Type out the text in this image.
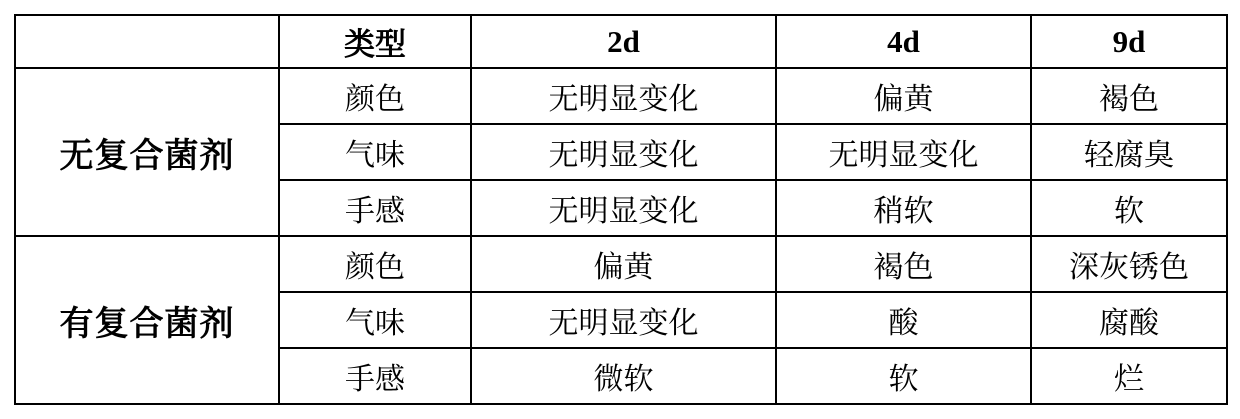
	类型	2d	4d	9d
无复合菌剂	颜色	无明显变化	偏黄	褐色
	气味	无明显变化	无明显变化	轻腐臭
	手感	无明显变化	稍软	软
有复合菌剂	颜色	偏黄	褐色	深灰锈色
	气味	无明显变化	酸	腐酸
	手感	微软	软	烂
